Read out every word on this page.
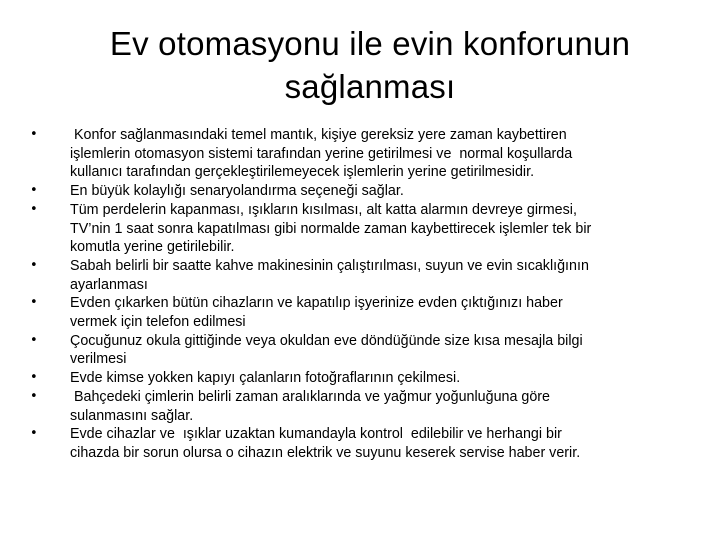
Ev otomasyonu ile evin konforunun
sağlanması
•	Konfor sağlanmasındaki temel mantık, kişiye gereksiz yere zaman kaybettiren
işlemlerin otomasyon sistemi tarafından yerine getirilmesi ve  normal koşullarda
kullanıcı tarafından gerçekleştirilemeyecek işlemlerin yerine getirilmesidir.
•	En büyük kolaylığı senaryolandırma seçeneği sağlar.
•	Tüm perdelerin kapanması, ışıkların kısılması, alt katta alarmın devreye girmesi,
TV’nin 1 saat sonra kapatılması gibi normalde zaman kaybettirecek işlemler tek bir
komutla yerine getirilebilir.
•	Sabah belirli bir saatte kahve makinesinin çalıştırılması, suyun ve evin sıcaklığının
ayarlanması
•	Evden çıkarken bütün cihazların ve kapatılıp işyerinize evden çıktığınızı haber
vermek için telefon edilmesi
•	Çocuğunuz okula gittiğinde veya okuldan eve döndüğünde size kısa mesajla bilgi
verilmesi
•	Evde kimse yokken kapıyı çalanların fotoğraflarının çekilmesi.
•	Bahçedeki çimlerin belirli zaman aralıklarında ve yağmur yoğunluğuna göre
sulanmasını sağlar.
•	Evde cihazlar ve  ışıklar uzaktan kumandayla kontrol  edilebilir ve herhangi bir
cihazda bir sorun olursa o cihazın elektrik ve suyunu keserek servise haber verir.
